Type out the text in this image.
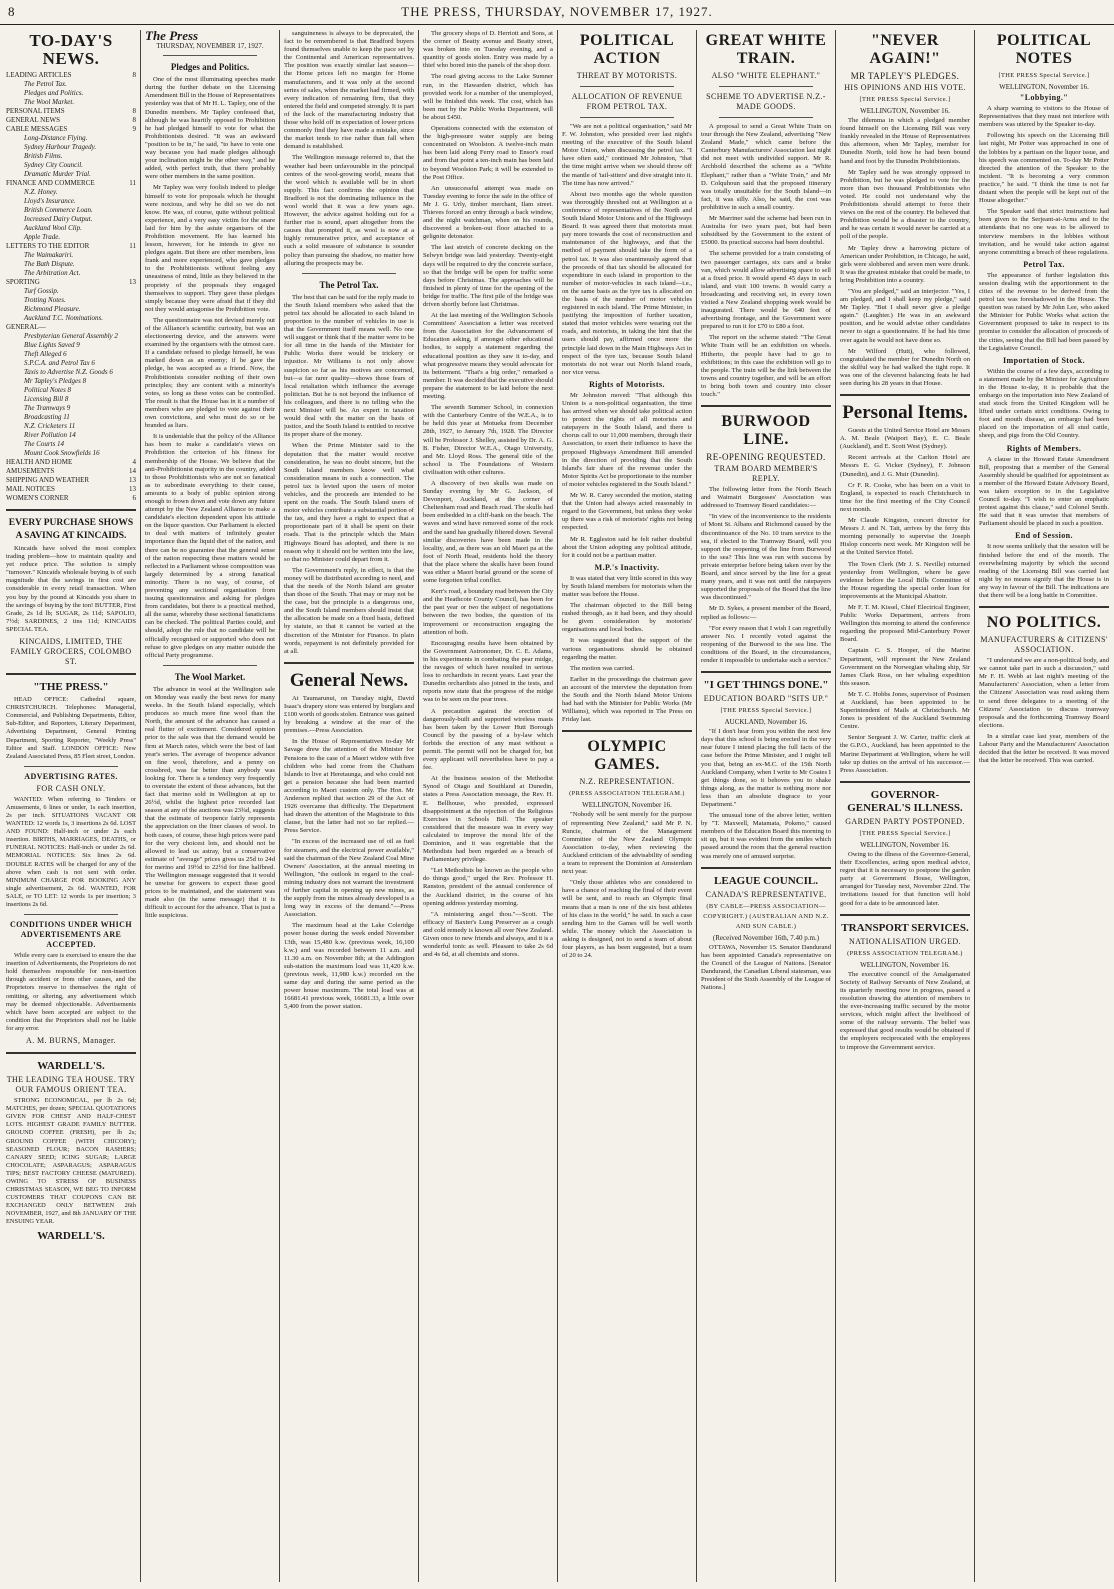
8	THE PRESS, THURSDAY, NOVEMBER 17, 1927.
TO-DAY'S NEWS.
LEADING ARTICLES	8
The Petrol Tax.
Pledges and Politics.
The Wool Market.
PERSONAL ITEMS	8
GENERAL NEWS	8
CABLE MESSAGES	9
Long-Distance Flying.
Sydney Harbour Tragedy.
British Films.
Sydney City Council.
Dramatic Murder Trial.
FINANCE AND COMMERCE	11
N.Z. Honey.
Lloyd's Insurance.
British Commerce Loan.
Increased Dairy Output.
Auckland Wool Clip.
Apple Trade.
LETTERS TO THE EDITOR	11
The Waimakariri.
The Bath Dispute.
The Arbitration Act.
SPORTING	13
Turf Gossip.
Trotting Notes.
Richmond Pleasure.
Auckland T.C. Nominations.
GENERAL—
Presbyterian General Assembly 2
Blue Lights Saved 9
Theft Alleged 6
S.P.C.A. and Petrol Tax 6
Taxis to Advertise N.Z. Goods 6
Mr Tapley's Pledges 8
Political Notes 8
Licensing Bill 8
The Tramways 9
Broadcasting 11
N.Z. Cricketers 11
River Pollution 14
The Courts 14
Mount Cook Snowfields 16
HEALTH AND HOME	4
AMUSEMENTS	14
SHIPPING AND WEATHER	13
MAIL NOTICES	13
WOMEN'S CORNER	6
EVERY PURCHASE SHOWS A SAVING AT KINCAIDS.

Kincaids have solved the most complex trading problem—how to maintain quality and yet reduce price. The solution is simply "turnover." Kincaids wholesale buying is of such magnitude that the savings in first cost are considerable in every retail transaction. When you buy by the pound at Kincaids you share in the savings of buying by the ton! BUTTER, First Grade, 2s 1d lb; SUGAR, 2s 11d; SAPOLIO, 7½d; SARDINES, 2 tins 11d; KINCAIDS SPECIAL TEA.

KINCAIDS, LIMITED, THE FAMILY GROCERS, COLOMBO ST.
"THE PRESS."

HEAD OFFICE: Cathedral square, CHRISTCHURCH. Telephones: Managerial, Commercial, and Publishing Departments, Editor, Sub-Editor, and Reporters, Literary Department, Advertising Department, General Printing Department, Sporting Reporter, "Weekly Press" Editor and Staff. LONDON OFFICE: New Zealand Associated Press, 85 Fleet street, London.

ADVERTISING RATES.
FOR CASH ONLY.

WANTED: When referring to Tenders or Amusements, 6 lines or under, 1s each insertion, 2s per inch. SITUATIONS VACANT OR WANTED: 12 words 1s, 3 insertions 2s 6d. LOST AND FOUND: Half-inch or under 2s each insertion. BIRTHS, MARRIAGES, DEATHS, or FUNERAL NOTICES: Half-inch or under 2s 6d. MEMORIAL NOTICES: Six lines 2s 6d. DOUBLE RATES will be charged for any of the above when cash is not sent with order. MINIMUM CHARGE FOR BOOKING ANY single advertisement, 2s 6d. WANTED, FOR SALE, or TO LET: 12 words 1s per insertion; 3 insertions 2s 6d.

CONDITIONS UNDER WHICH ADVERTISEMENTS ARE ACCEPTED.

While every care is exercised to ensure the due insertion of Advertisements, the Proprietors do not hold themselves responsible for non-insertion through accident or from other causes, and the Proprietors reserve to themselves the right of omitting, or altering, any advertisement which may be deemed objectionable. Advertisements which have been accepted are subject to the condition that the Proprietors shall not be liable for any error.

A. M. BURNS, Manager.
WARDELL'S.
THE LEADING TEA HOUSE. TRY OUR FAMOUS ORIENT TEA.

STRONG ECONOMICAL, per lb 2s 6d; MATCHES, per dozen; SPECIAL QUOTATIONS GIVEN FOR CHEST AND HALF-CHEST LOTS. HIGHEST GRADE FAMILY BUTTER. GROUND COFFEE (FRESH), per lb 2s; GROUND COFFEE (WITH CHICORY); SEASONED FLOUR; BACON RASHERS; CANARY SEED; ICING SUGAR; LARGE CHOCOLATE; ASPARAGUS; ASPARAGUS TIPS; BEST FACTORY CHEESE (MATURED). OWING TO STRESS OF BUSINESS CHRISTMAS SEASON, WE BEG TO INFORM CUSTOMERS THAT COUPONS CAN BE EXCHANGED ONLY BETWEEN 26th NOVEMBER, 1927, and 8th JANUARY OF THE ENSUING YEAR.

WARDELL'S.
The Press
THURSDAY, NOVEMBER 17, 1927.
Pledges and Politics.

One of the most illuminating speeches made during the further debate on the Licensing Amendment Bill in the House of Representatives yesterday was that of Mr H. L. Tapley, one of the Dunedin members. Mr Tapley confessed that, although he was heartily opposed to Prohibition he had pledged himself to vote for what the Prohibitionists desired. "It was an awkward "position to be in," he said, "to have to vote one way because you had made pledges although your inclination might be the other way," and he added, with perfect truth, that there probably were other members in the same position.

Mr Tapley was very foolish indeed to pledge himself to vote for proposals which he thought were noxious, and why he did so we do not know. He was, of course, quite without political experience, and a very easy victim for the snare laid for him by the astute organisers of the Prohibition movement. He has learned his lesson, however, for he intends to give no pledges again. But there are other members, less frank and more experienced, who gave pledges to the Prohibitionists without feeling any uneasiness of mind, little as they believed in the propriety of the proposals they engaged themselves to support. They gave these pledges simply because they were afraid that if they did not they would antagonise the Prohibition vote.

The questionnaire was not devised merely out of the Alliance's scientific curiosity, but was an electioneering device, and the answers were examined by the organisers with the utmost care. If a candidate refused to pledge himself, he was marked down as an enemy; if he gave the pledge, he was accepted as a friend. Now, the Prohibitionists consider nothing of their own principles; they are content with a minority's votes, so long as these votes can be controlled. The result is that the House has in it a number of members who are pledged to vote against their own convictions, and who must do so or be branded as liars.

It is undeniable that the policy of the Alliance has been to make a candidate's views on Prohibition the criterion of his fitness for membership of the House. We believe that the anti-Prohibitionist majority in the country, added to those Prohibitionists who are not so fanatical as to subordinate everything to their cause, amounts to a body of public opinion strong enough to frown down and vote down any future attempt by the New Zealand Alliance to make a candidate's election dependent upon his attitude on the liquor question. Our Parliament is elected to deal with matters of infinitely greater importance than the liquid diet of the nation, and there can be no guarantee that the general sense of the nation respecting these matters would be reflected in a Parliament whose composition was largely determined by a strong fanatical minority. There is no way, of course, of preventing any sectional organisation from issuing questionnaires and asking for pledges from candidates, but there is a practical method, all the same, whereby these sectional fanaticisms can be checked. The political Parties could, and should, adopt the rule that no candidate will be officially recognised or supported who does not refuse to give pledges on any matter outside the official Party programme.

The Wool Market.

The advance in wool at the Wellington sale on Monday was easily the best news for many weeks. In the South Island especially, which produces so much more fine wool than the North, the amount of the advance has caused a real flutter of excitement. Considered opinion prior to the sale was that the demand would be firm at March rates, which were the best of last year's series. The average of twopence advance on fine wool, therefore, and a penny on crossbred, was far better than anybody was looking for. There is a tendency very frequently to overstate the extent of these advances, but the fact that merino sold in Wellington at up to 26½d, whilst the highest price recorded last season at any of the auctions was 23¾d, suggests that the estimate of twopence fairly represents the appreciation on the finer classes of wool. In both cases, of course, these high prices were paid for the very choicest lots, and should not be allowed to lead us astray, but a conservative estimate of "average" prices gives us 25d to 24d for merino and 19½d to 22½d for fine halfbred. The Wellington message suggested that it would be unwise for growers to expect these good prices to be maintained, and the statement was made also (in the same message) that it is difficult to account for the advance. That is just a little suspicious.

sanguineness is always to be deprecated, the fact to be remembered is that Bradford buyers found themselves unable to keep the pace set by the Continental and American representatives. The position was exactly similar last season—the Home prices left no margin for Home manufacturers, and it was only at the second series of sales, when the market had firmed, with every indication of remaining firm, that they entered the field and competed strongly. It is part of the luck of the manufacturing industry that those who hold off in expectation of lower prices commonly find they have made a mistake, since the market tends to rise rather than fall when demand is established.

The Wellington message referred to, that the weather had been unfavourable in the principal centres of the wool-growing world, means that the wool which is available will be in short supply. This fact confirms the opinion that Bradford is not the dominating influence in the wool world that it was a few years ago. However, the advice against holding out for a further rise is sound, apart altogether from the causes that prompted it, as wool is now at a highly remunerative price, and acceptance of such a solid measure of substance is sounder policy than pursuing the shadow, no matter how alluring the prospects may be.

The Petrol Tax.

The best that can be said for the reply made to the South Island members who asked that the petrol tax should be allocated to each Island in proportion to the number of vehicles in use is that the Government itself means well. No one will suggest or think that if the matter were to be for all time in the hands of the Minister for Public Works there would be trickery or injustice. Mr Williams is not only above suspicion so far as his motives are concerned, but—a far rarer quality—shows those fears of local retaliation which influence the average politician. But he is not beyond the influence of his colleagues, and there is no telling who the next Minister will be. An expert in taxation would deal with the matter on the basis of justice, and the South Island is entitled to receive its proper share of the money.

When the Prime Minister said to the deputation that the matter would receive consideration, he was no doubt sincere, but the South Island members know well what consideration means in such a connection. The petrol tax is levied upon the users of motor vehicles, and the proceeds are intended to be spent on the roads. The South Island users of motor vehicles contribute a substantial portion of the tax, and they have a right to expect that a proportionate part of it shall be spent on their roads. That is the principle which the Main Highways Board has adopted, and there is no reason why it should not be written into the law, so that no Minister could depart from it.

The Government's reply, in effect, is that the money will be distributed according to need, and that the needs of the North Island are greater than those of the South. That may or may not be the case, but the principle is a dangerous one, and the South Island members should insist that the allocation be made on a fixed basis, defined by statute, so that it cannot be varied at the discretion of the Minister for Finance. In plain words, repayment is not definitely provided for at all.

General News.

At Taumarunui, on Tuesday night, David Isaac's drapery store was entered by burglars and £100 worth of goods stolen. Entrance was gained by breaking a window at the rear of the premises.—Press Association.

In the House of Representatives to-day Mr Savage drew the attention of the Minister for Pensions to the case of a Maori widow with five children who had come from the Chatham Islands to live at Heretaunga, and who could not get a pension because she had been married according to Maori custom only. The Hon. Mr Anderson replied that section 29 of the Act of 1926 overcame that difficulty. The Department had drawn the attention of the Magistrate to this clause, but the latter had not so far replied.—Press Service.

"In excess of the increased use of oil as fuel for steamers, and the electrical power available," said the chairman of the New Zealand Coal Mine Owners' Association, at the annual meeting in Wellington, "the outlook in regard to the coal-mining industry does not warrant the investment of further capital in opening up new mines, as the supply from the mines already developed is a long way in excess of the demand."—Press Association.

The maximum head at the Lake Coleridge power house during the week ended November 13th, was 15,480 k.w. (previous week, 16,100 k.w.) and was recorded between 11 a.m. and 11.30 a.m. on November 8th; at the Addington sub-station the maximum load was 11,420 k.w. (previous week, 11,980 k.w.) recorded on the same day and during the same period as the power house maximum. The total load was at 16681.41 previous week, 16681.33, a little over 5,400 from the power station.

The grocery shops of D. Herriott and Sons, at the corner of Beatty avenue and Beatty street, was broken into on Tuesday evening, and a quantity of goods stolen. Entry was made by a thief who bored into the panels of the shop door.

The road giving access to the Lake Sumner run, in the Hawarden district, which has provided work for a number of the unemployed, will be finished this week. The cost, which has been met by the Public Works Department, will be about £450.

Operations connected with the extension of the high-pressure water supply are being concentrated on Woolston. A twelve-inch main has been laid along Ferry road to Ensor's road and from that point a ten-inch main has been laid to beyond Woolston Park; it will be extended to the Post Office.

An unsuccessful attempt was made on Tuesday evening to force the safe in the office of Mr J. G. Urly, timber merchant, Ilam street. Thieves forced an entry through a back window, and the night watchman, when on his rounds, discovered a broken-out floor attached to a gelignite detonator.

The last stretch of concrete decking on the Selwyn bridge was laid yesterday. Twenty-eight days will be required to dry the concrete surface, so that the bridge will be open for traffic some days before Christmas. The approaches will be finished in plenty of time for the opening of the bridge for traffic. The first pile of the bridge was driven shortly before last Christmas.

At the last meeting of the Wellington Schools Committees' Association a letter was received from the Association for the Advancement of Education asking, if amongst other educational bodies, to supply a statement regarding the educational position as they saw it to-day, and what progressive means they would advocate for its betterment. "That's a big order," remarked a member. It was decided that the executive should prepare the statement to be laid before the next meeting.

The seventh Summer School, in connexion with the Canterbury Centre of the W.E.A., is to be held this year at Motueka from December 28th, 1927, to January 7th, 1928. The Director will be Professor J. Shelley, assisted by Dr. A. G. B. Fisher, Director W.E.A., Otago University, and Mr. Lloyd Ross. The general title of the school is The Foundations of Western civilisation with other cultures.

A discovery of two skulls was made on Sunday evening by Mr G. Jackson, of Devonport, Auckland, at the corner of Cheltenham road and Beach road. The skulls had been embedded in a cliff-bank on the beach. The waves and wind have removed some of the rock and the sand has gradually filtered down. Several similar discoveries have been made in the locality, and, as there was an old Maori pa at the foot of North Head, residents hold the theory that the place where the skulls have been found was either a Maori burial ground or the scene of some forgotten tribal conflict.

Kerr's road, a boundary road between the City and the Heathcote County Council, has been for the past year or two the subject of negotiations between the two bodies, the question of its improvement or reconstruction engaging the attention of both.

Encouraging results have been obtained by the Government Astronomer, Dr. C. E. Adams, in his experiments in combating the pear midge, the ravages of which have resulted in serious loss to orchardists in recent years. Last year the Dunedin orchardists also joined in the tests, and reports now state that the progress of the midge was to be seen on the pear trees.

A precaution against the erection of dangerously-built and supported wireless masts has been taken by the Lower Hutt Borough Council by the passing of a by-law which forbids the erection of any mast without a permit. The permit will not be charged for, but every applicant will nevertheless have to pay a fee.

At the business session of the Methodist Synod of Otago and Southland at Dunedin, states a Press Association message, the Rev. H. E. Bellhouse, who presided, expressed disappointment at the rejection of the Religious Exercises in Schools Bill. The speaker considered that the measure was in every way calculated to improve the moral life of the Dominion, and it was regrettable that the Methodists had been regarded as a breach of Parliamentary privilege.

"Let Methodists be known as the people who do things good," urged the Rev. Professor H. Ranston, president of the annual conference of the Auckland district, in the course of his opening address yesterday morning.

"A ministering angel thou."—Scott. The efficacy of Baxter's Lung Preserver as a cough and cold remedy is known all over New Zealand. Given once to new friends and always, and it is a wonderful tonic as well. Pleasant to take 2s 6d and 4s 6d, at all chemists and stores.

POLITICAL ACTION
THREAT BY MOTORISTS.
ALLOCATION OF REVENUE FROM PETROL TAX.

"We are not a political organisation," said Mr F. W. Johnston, who presided over last night's meeting of the executive of the South Island Motor Union, when discussing the petrol tax. "I have often said," continued Mr Johnston, "that the time might arrive when we should throw off the mantle of 'tail-sitters' and dive straight into it. The time has now arrived."

About two months ago the whole question was thoroughly threshed out at Wellington at a conference of representatives of the North and South Island Motor Unions and of the Highways Board. It was agreed there that motorists must pay more towards the cost of reconstruction and maintenance of the highways, and that the method of payment should take the form of a petrol tax. It was also unanimously agreed that the proceeds of that tax should be allocated for expenditure in each island in proportion to the number of motor-vehicles in each island—i.e., on the same basis as the tyre tax is allocated on the basis of the number of motor vehicles registered in each island. The Prime Minister, in justifying the imposition of further taxation, stated that motor vehicles were wearing out the roads, and motorists, in taking the hint that the users should pay, affirmed once more the principle laid down in the Main Highways Act in respect of the tyre tax, because South Island motorists do not wear out North Island roads, nor vice versa.

Rights of Motorists.

Mr Johnston moved: "That although this Union is a non-political organisation, the time has arrived when we should take political action to protect the rights of all motorists and ratepayers in the South Island, and there is chorus call to our 11,000 members, through their Association, to exert their influence to have the proposed Highways Amendment Bill amended in the direction of providing that the South Island's fair share of the revenue under the Motor Spirits Act be proportionate to the number of motor vehicles registered in the South Island."

Mr W. R. Carey seconded the motion, stating that the Union had always acted reasonably in regard to the Government, but unless they woke up there was a risk of motorists' rights not being respected.

Mr R. Eggleston said he felt rather doubtful about the Union adopting any political attitude, for it could not be a partisan matter.

M.P.'s Inactivity.

It was stated that very little scored in this way by South Island members for motorists when the matter was before the House.

The chairman objected to the Bill being rushed through, as it had been, and they should be given consideration by motorists' organisations and local bodies.

It was suggested that the support of the various organisations should be obtained regarding the matter.

The motion was carried.

Earlier in the proceedings the chairman gave an account of the interview the deputation from the South and the North Island Motor Unions had had with the Minister for Public Works (Mr Williams), which was reported in The Press on Friday last.

OLYMPIC GAMES.
N.Z. REPRESENTATION.
(PRESS ASSOCIATION TELEGRAM.)
WELLINGTON, November 16.

"Nobody will be sent merely for the purpose of representing New Zealand," said Mr P. N. Runcie, chairman of the Management Committee of the New Zealand Olympic Association to-day, when reviewing the Auckland criticism of the advisability of sending a team to represent the Dominion at Amsterdam next year.

"Only those athletes who are considered to have a chance of reaching the final of their event will be sent, and to reach an Olympic final means that a man is one of the six best athletes of his class in the world," he said. In such a case sending him to the Games will be well worth while. The money which the Association is asking is designed, not to send a team of about four players, as has been suggested, but a team of 20 to 24.

GREAT WHITE TRAIN.
ALSO "WHITE ELEPHANT."
SCHEME TO ADVERTISE N.Z.-MADE GOODS.

A proposal to send a Great White Train on tour through the New Zealand, advertising "New Zealand Made," which came before the Canterbury Manufacturers' Association last night did not meet with undivided support. Mr R. Archbold described the scheme as a "White Elephant," rather than a "White Train," and Mr D. Colquhoun said that the proposed itinerary was totally unsuitable for the South Island—in fact, it was silly. Also, he said, the cost was prohibitive in such a small country.

Mr Marriner said the scheme had been run in Australia for two years past, but had been subsidised by the Government to the extent of £5000. Its practical success had been doubtful.

The scheme provided for a train consisting of two passenger carriages, six cars and a brake van, which would allow advertising space to sell at a fixed price. It would spend 45 days in each island, and visit 100 towns. It would carry a broadcasting and receiving set, in every town visited a New Zealand shopping week would be inaugurated. There would be 640 feet of advertising frontage, and the Government were prepared to run it for £70 to £80 a foot.

The report on the scheme stated: "The Great White Train will be an exhibition on wheels. Hitherto, the people have had to go to exhibitions; in this case the exhibition will go to the people. The train will be the link between the towns and country together, and will be an effort to bring both town and country into closer touch."

BURWOOD LINE.
RE-OPENING REQUESTED.
TRAM BOARD MEMBER'S REPLY.

The following letter from the North Beach and Waimairi Burgesses' Association was addressed to Tramway Board candidates:—

"In view of the inconvenience to the residents of Mont St. Albans and Richmond caused by the discontinuance of the No. 10 tram service to the sea, if elected to the Tramway Board, will you support the reopening of the line from Burwood to the sea? This line was run with success by private enterprise before being taken over by the Board, and since served by the line for a great many years, and it was not until the ratepayers supported the proposals of the Board that the line was discontinued."

Mr D. Sykes, a present member of the Board, replied as follows:—

"For every reason that I wish I can regretfully answer No. I recently voted against the reopening of the Burwood to the sea line. The conditions of the Board, in the circumstances, render it impossible to undertake such a service."

"I GET THINGS DONE."
EDUCATION BOARD "SITS UP."
[THE PRESS Special Service.]
AUCKLAND, November 16.

"If I don't hear from you within the next few days that this school is being erected in the very near future I intend placing the full facts of the case before the Prime Minister, and I might tell you that, being an ex-M.C. of the 15th North Auckland Company, when I write to Mr Coates I get things done, so it behoves you to shake things along, as the matter is nothing more nor less than an absolute disgrace to your Department."

The unusual tone of the above letter, written by "T. Maxwell, Matamata, Pokeno," caused members of the Education Board this morning to sit up, but it was evident from the smiles which passed around the room that the general reaction was merely one of amused surprise.

LEAGUE COUNCIL.
CANADA'S REPRESENTATIVE.
(BY CABLE—PRESS ASSOCIATION—COPYRIGHT.) (AUSTRALIAN AND N.Z. AND SUN CABLE.)
(Received November 16th, 7.40 p.m.)

OTTAWA, November 15. Senator Dandurand has been appointed Canada's representative on the Council of the League of Nations. [Senator Dandurand, the Canadian Liberal statesman, was President of the Sixth Assembly of the League of Nations.]

"NEVER AGAIN!"
MR TAPLEY'S PLEDGES.
HIS OPINIONS AND HIS VOTE.
[THE PRESS Special Service.]
WELLINGTON, November 16.

The dilemma in which a pledged member found himself on the Licensing Bill was very frankly revealed in the House of Representatives this afternoon, when Mr Tapley, member for Dunedin North, told how he had been bound hand and foot by the Dunedin Prohibitionists.

Mr Tapley said he was strongly opposed to Prohibition, but he was pledged to vote for the more than two thousand Prohibitionists who voted. He could not understand why the Prohibitionists should attempt to force their views on the rest of the country. He believed that Prohibition would be a disaster to the country, and he was certain it would never be carried at a poll of the people.

Mr Tapley drew a harrowing picture of American under Prohibition, in Chicago, he said, girls were slobbered and seven men were drunk. It was the greatest mistake that could be made, to bring Prohibition into a country.

"You are pledged," said an interjector. "Yes, I am pledged, and I shall keep my pledge," said Mr Tapley. "But I shall never give a pledge again." (Laughter.) He was in an awkward position, and he would advise other candidates never to sign a questionnaire. If he had his time over again he would not have done so.

Mr Wilford (Hutt), who followed, congratulated the member for Dunedin North on the skilful way he had walked the tight rope. It was one of the cleverest balancing feats he had seen during his 28 years in that House.

Personal Items.

Guests at the United Service Hotel are Messrs A. M. Beale (Waipori Bay), E. C. Beale (Auckland), and E. Scott West (Sydney).

Recent arrivals at the Carlton Hotel are Messrs E. G. Vicker (Sydney), F. Johnson (Dunedin), and J. G. Muir (Dunedin).

Cr F. R. Cooke, who has been on a visit to England, is expected to reach Christchurch in time for the first meeting of the City Council next month.

Mr Claude Kingston, concert director for Messrs J. and N. Tait, arrives by the ferry this morning personally to supervise the Joseph Hislop concerts next week. Mr Kingston will be at the United Service Hotel.

The Town Clerk (Mr J. S. Neville) returned yesterday from Wellington, where he gave evidence before the Local Bills Committee of the House regarding the special order loan for improvements at the Municipal Abattoir.

Mr F. T. M. Kissel, Chief Electrical Engineer, Public Works Department, arrives from Wellington this morning to attend the conference regarding the proposed Mid-Canterbury Power Board.

Captain C. S. Hooper, of the Marine Department, will represent the New Zealand Government on the Norwegian whaling ship, Sir James Clark Ross, on her whaling expedition this season.

Mr T. C. Hobbs Jones, supervisor of Postmen at Auckland, has been appointed to be Superintendent of Mails at Christchurch. Mr Jones is president of the Auckland Swimming Centre.

Senior Sergeant J. W. Carter, traffic clerk at the G.P.O., Auckland, has been appointed to the Marine Department at Wellington, where he will take up duties on the arrival of his successor.—Press Association.

GOVERNOR-GENERAL'S ILLNESS.
GARDEN PARTY POSTPONED.
[THE PRESS Special Service.]
WELLINGTON, November 16.

Owing to the illness of the Governor-General, their Excellencies, acting upon medical advice, regret that it is necessary to postpone the garden party at Government House, Wellington, arranged for Tuesday next, November 22nd. The invitations issued for that function will hold good for a date to be announced later.

TRANSPORT SERVICES.
NATIONALISATION URGED.
(PRESS ASSOCIATION TELEGRAM.)
WELLINGTON, November 16.

The executive council of the Amalgamated Society of Railway Servants of New Zealand, at its quarterly meeting now in progress, passed a resolution drawing the attention of members to the ever-increasing traffic secured by the motor services, which might affect the livelihood of some of the railway servants. The belief was expressed that good results would be obtained if the employers reciprocated with the employees to improve the Government service.

POLITICAL NOTES
[THE PRESS Special Service.]
WELLINGTON, November 16.
"Lobbying."

A sharp warning to visitors to the House of Representatives that they must not interfere with members was uttered by the Speaker to-day.

Following his speech on the Licensing Bill last night, Mr Potter was approached in one of the lobbies by a partisan on the liquor issue, and his speech was commented on. To-day Mr Potter directed the attention of the Speaker to the incident. "It is becoming a very common practice," he said. "I think the time is not far distant when the people will be kept out of the House altogether."

The Speaker said that strict instructions had been given to the Serjeant-at-Arms and to the attendants that no one was to be allowed to interview members in the lobbies without invitation, and he would take action against anyone committing a breach of these regulations.

Petrol Tax.

The appearance of further legislation this session dealing with the apportionment to the cities of the revenue to be derived from the petrol tax was foreshadowed in the House. The question was raised by Mr John Lee, who asked the Minister for Public Works what action the Government proposed to take in respect to its promise to consider the allocation of proceeds of the cities, seeing that the Bill had been passed by the Legislative Council.

Importation of Stock.

Within the course of a few days, according to a statement made by the Minister for Agriculture in the House to-day, it is probable that the embargo on the importation into New Zealand of stud stock from the United Kingdom will be lifted under certain strict conditions. Owing to foot and mouth disease, an embargo had been placed on the importation of all stud cattle, sheep, and pigs from the Old Country.

Rights of Members.

A clause in the Howard Estate Amendment Bill, proposing that a member of the General Assembly should be qualified for appointment as a member of the Howard Estate Advisory Board, was taken exception to in the Legislative Council to-day. "I wish to enter an emphatic protest against this clause," said Colonel Smith. He said that it was unwise that members of Parliament should be placed in such a position.

End of Session.

It now seems unlikely that the session will be finished before the end of the month. The overwhelming majority by which the second reading of the Licensing Bill was carried last night by no means signify that the House is in any way in favour of the Bill. The indications are that there will be a long battle in Committee.

NO POLITICS.
MANUFACTURERS & CITIZENS' ASSOCIATION.

"I understand we are a non-political body, and we cannot take part in such a discussion," said Mr F. H. Webb at last night's meeting of the Manufacturers' Association, when a letter from the Citizens' Association was read asking them to send three delegates to a meeting of the Citizens' Association to discuss tramway proposals and the forthcoming Tramway Board elections.

In a similar case last year, members of the Labour Party and the Manufacturers' Association decided that the letter be received. It was moved that the letter be received. This was carried.
